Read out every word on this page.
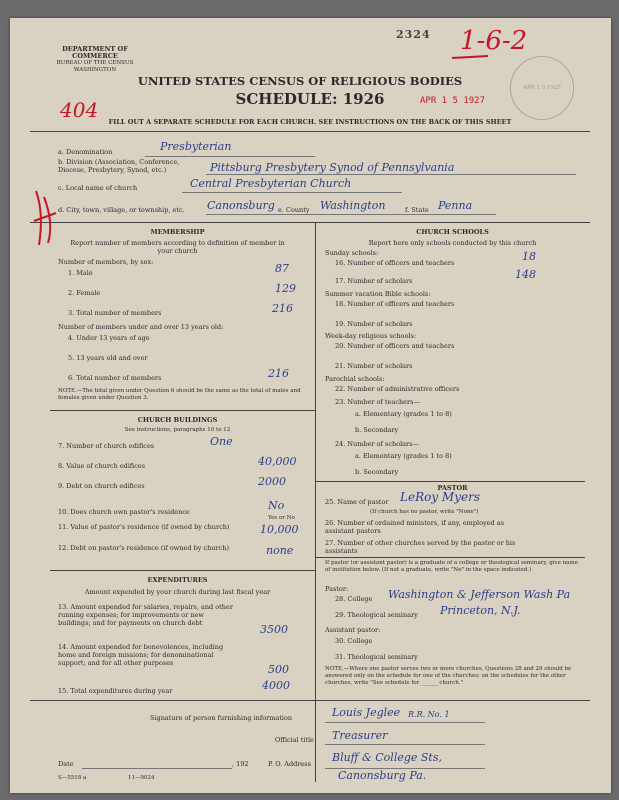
DEPARTMENT OF COMMERCE
BUREAU OF THE CENSUS
WASHINGTON
2324 1-6-2
APR 1 5 1927
UNITED STATES CENSUS OF RELIGIOUS BODIES
SCHEDULE: 1926
404	APR 1 5 1927
FILL OUT A SEPARATE SCHEDULE FOR EACH CHURCH. SEE INSTRUCTIONS ON THE BACK OF THIS SHEET
a. Denomination	Presbyterian
b. Division (Association, Conference, Diocese, Presbytery, Synod, etc.)	Pittsburg Presbytery Synod of Pennsylvania
c. Local name of church	Central Presbyterian Church
d. City, town, village, or township, etc. Canonsburg e. County Washington	f. State Penna
MEMBERSHIP
Report number of members according to definition of member in your church
Number of members, by sex:
1. Male	87
2. Female	129
3. Total number of members	216
Number of members under and over 13 years old:
4. Under 13 years of age
5. 13 years old and over
6. Total number of members	216
NOTE.—The total given under Question 6 should be the same as the total of males and females given under Question 3.
CHURCH BUILDINGS
See instructions, paragraphs 10 to 12
7. Number of church edifices	One
8. Value of church edifices	40,000
9. Debt on church edifices	2000
10. Does church own pastor's residence	No
Yes or No
11. Value of pastor's residence (if owned by church)	10,000
12. Debt on pastor's residence (if owned by church)	none
EXPENDITURES
Amount expended by your church during last fiscal year
13. Amount expended for salaries, repairs, and other running expenses; for improvements or new buildings; and for payments on church debt	3500
14. Amount expended for benevolences, including home and foreign missions; for denominational support; and for all other purposes	500
15. Total expenditures during year	4000
CHURCH SCHOOLS
Report here only schools conducted by this church
Sunday schools:
16. Number of officers and teachers	18
17. Number of scholars	148
Summer vacation Bible schools:
18. Number of officers and teachers
19. Number of scholars
Week-day religious schools:
20. Number of officers and teachers
21. Number of scholars
Parochial schools:
22. Number of administrative officers
23. Number of teachers—
a. Elementary (grades 1 to 8)
b. Secondary
24. Number of scholars—
a. Elementary (grades 1 to 8)
b. Secondary
PASTOR
25. Name of pastor LeRoy Myers
(If church has no pastor, write "None")
26. Number of ordained ministers, if any, employed as assistant pastors
27. Number of other churches served by the pastor or his assistants
If pastor (or assistant pastor) is a graduate of a college or theological seminary, give name of institution below. (If not a graduate, write "No" in the space indicated.)
Pastor:
28. College Washington & Jefferson Wash Pa
29. Theological seminary Princeton, N.J.
Assistant pastor:
30. College
31. Theological seminary
NOTE.—Where one pastor serves two or more churches, Questions 28 and 29 should be answered only on the schedule for one of the churches; on the schedules for the other churches, write "See schedule for ______ church."
Signature of person furnishing information	Louis Jeglee R.R. No. 1
Official title Treasurer
Date	, 192	P. O. Address Bluff & College Sts,
Canonsburg Pa.
S—5518 a	11—9024
